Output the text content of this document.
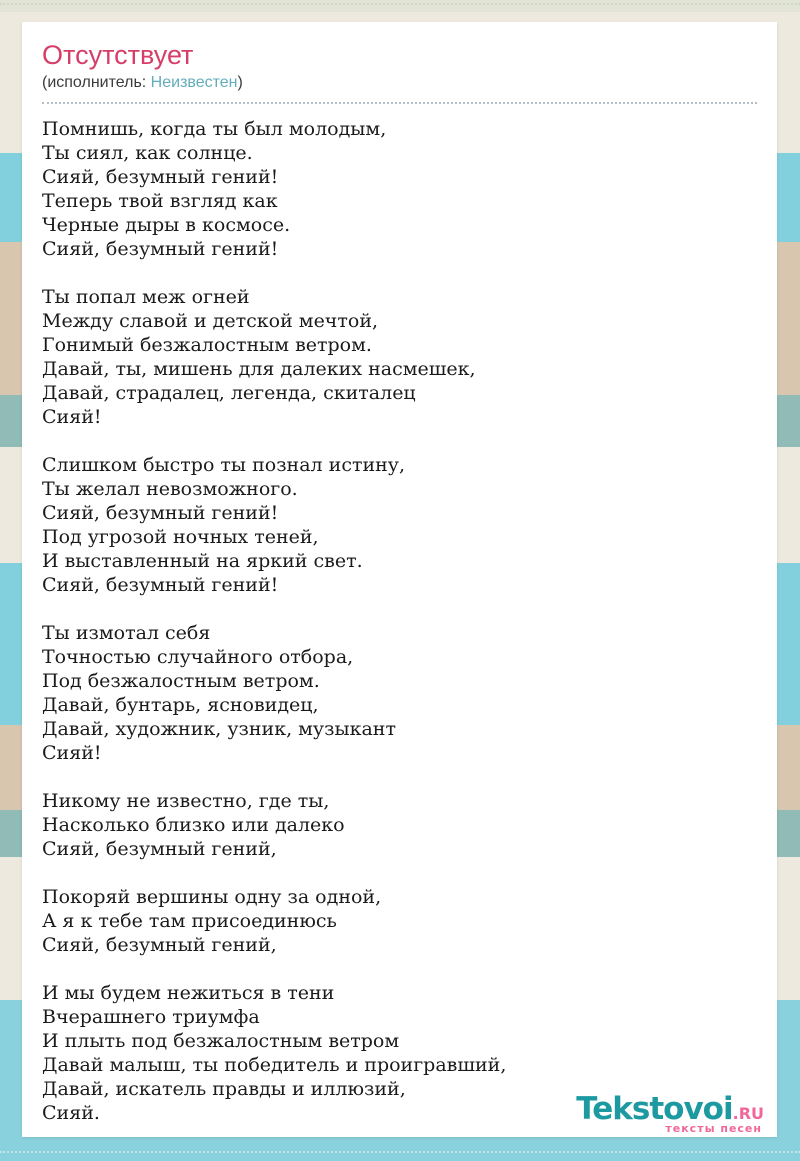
Отсутствует
(исполнитель: Неизвестен)

Помнишь, когда ты был молодым,
Ты сиял, как солнце.
Сияй, безумный гений!
Теперь твой взгляд как
Черные дыры в космосе.
Сияй, безумный гений!

Ты попал меж огней
Между славой и детской мечтой,
Гонимый безжалостным ветром.
Давай, ты, мишень для далеких насмешек,
Давай, страдалец, легенда, скиталец
Сияй!

Слишком быстро ты познал истину,
Ты желал невозможного.
Сияй, безумный гений!
Под угрозой ночных теней,
И выставленный на яркий свет.
Сияй, безумный гений!

Ты измотал себя
Точностью случайного отбора,
Под безжалостным ветром.
Давай, бунтарь, ясновидец,
Давай, художник, узник, музыкант
Сияй!

Никому не известно, где ты,
Насколько близко или далеко
Сияй, безумный гений,

Покоряй вершины одну за одной,
А я к тебе там присоединюсь
Сияй, безумный гений,

И мы будем нежиться в тени
Вчерашнего триумфа
И плыть под безжалостным ветром
Давай малыш, ты победитель и проигравший,
Давай, искатель правды и иллюзий,
Сияй.	Tekstovoi.RU
тексты песен
